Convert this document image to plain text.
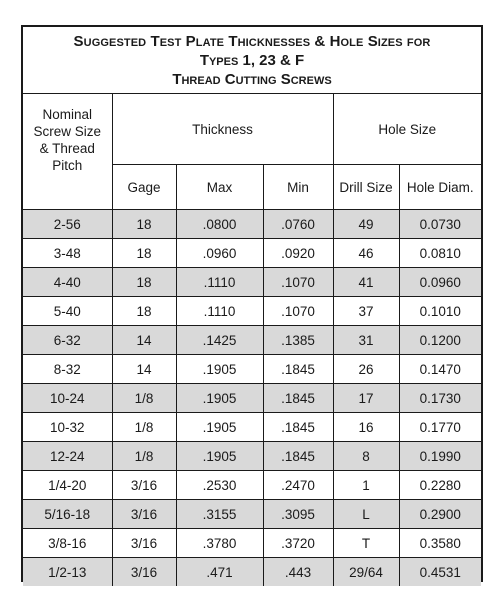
Suggested Test Plate Thicknesses & Hole Sizes for
Types 1, 23 & F
Thread Cutting Screws
Nominal
Screw Size
& Thread
Pitch	Thickness			Hole Size	
	Gage	Max	Min	Drill Size	Hole Diam.
2-56	18	.0800	.0760	49	0.0730
3-48	18	.0960	.0920	46	0.0810
4-40	18	.1110	.1070	41	0.0960
5-40	18	.1110	.1070	37	0.1010
6-32	14	.1425	.1385	31	0.1200
8-32	14	.1905	.1845	26	0.1470
10-24	1/8	.1905	.1845	17	0.1730
10-32	1/8	.1905	.1845	16	0.1770
12-24	1/8	.1905	.1845	8	0.1990
1/4-20	3/16	.2530	.2470	1	0.2280
5/16-18	3/16	.3155	.3095	L	0.2900
3/8-16	3/16	.3780	.3720	T	0.3580
1/2-13	3/16	.471	.443	29/64	0.4531
